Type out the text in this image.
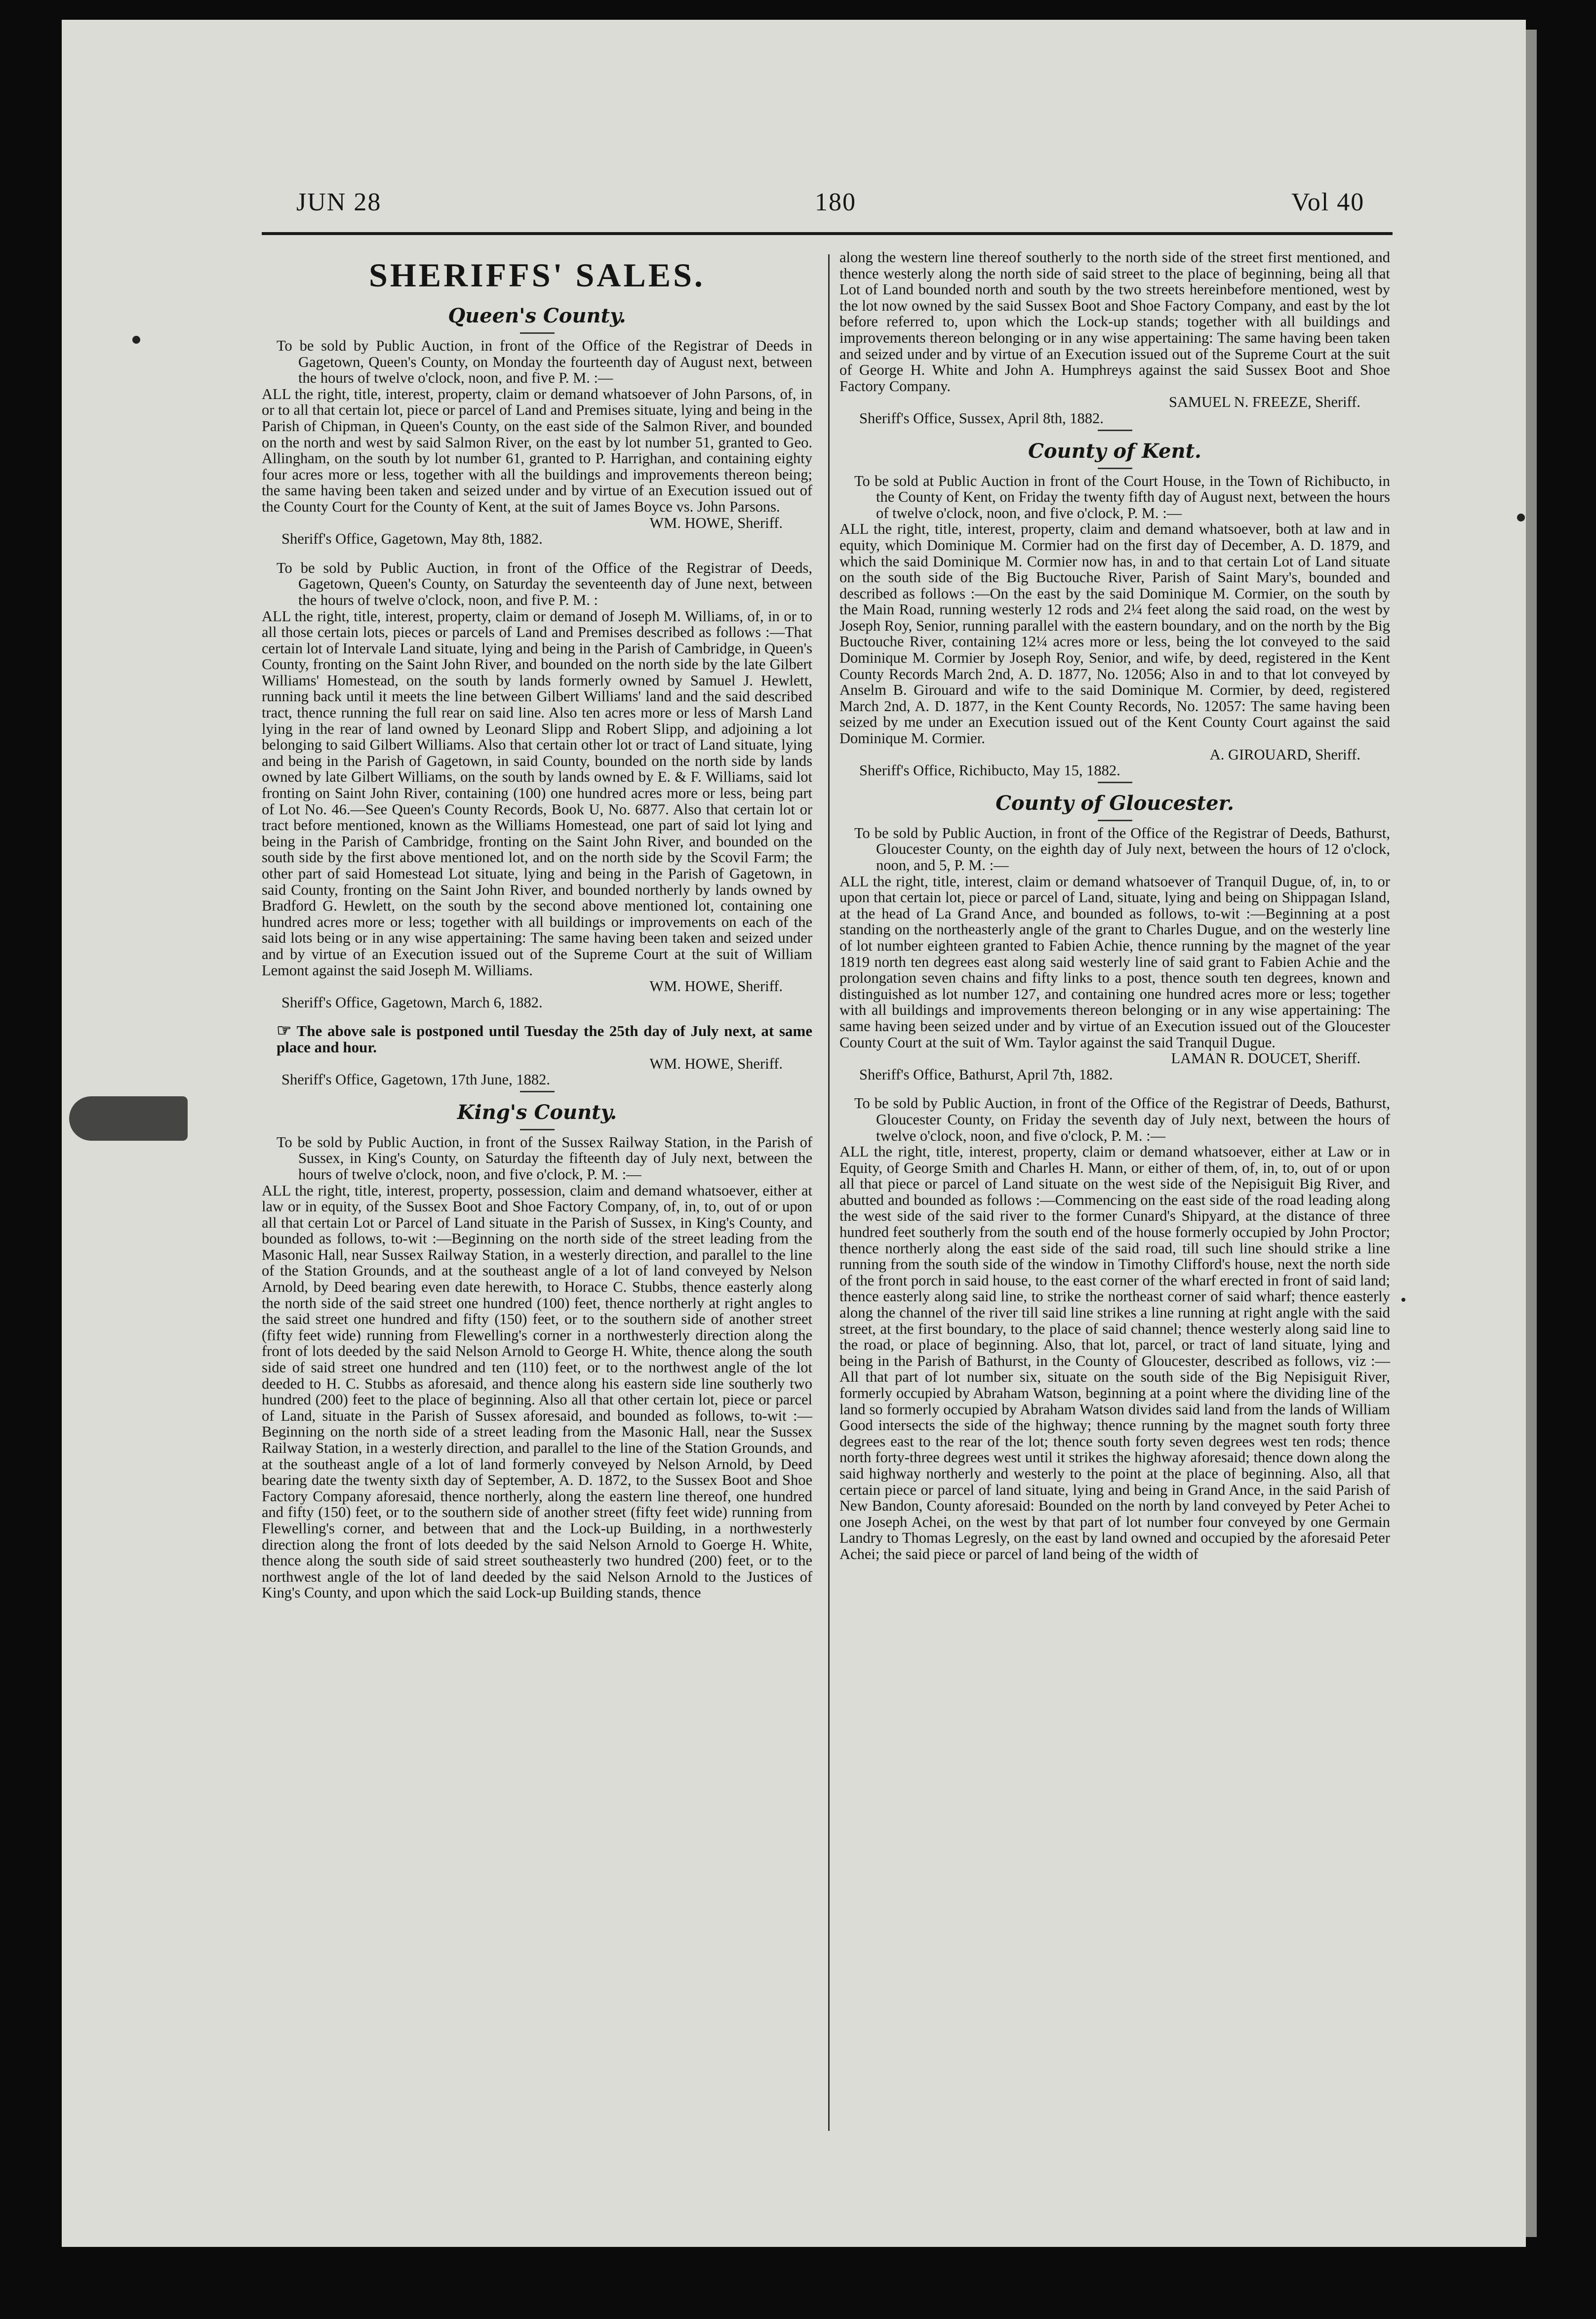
JUN 28	180	Vol 40

SHERIFFS' SALES.

Queen's County.

To be sold by Public Auction, in front of the Office of the Registrar of Deeds in Gagetown, Queen's County, on Monday the fourteenth day of August next, between the hours of twelve o'clock, noon, and five P. M. :—

ALL the right, title, interest, property, claim or demand whatsoever of John Parsons, of, in or to all that certain lot, piece or parcel of Land and Premises situate, lying and being in the Parish of Chipman, in Queen's County, on the east side of the Salmon River, and bounded on the north and west by said Salmon River, on the east by lot number 51, granted to Geo. Allingham, on the south by lot number 61, granted to P. Harrighan, and containing eighty four acres more or less, together with all the buildings and improvements thereon being; the same having been taken and seized under and by virtue of an Execution issued out of the County Court for the County of Kent, at the suit of James Boyce vs. John Parsons.

WM. HOWE, Sheriff.

Sheriff's Office, Gagetown, May 8th, 1882.

To be sold by Public Auction, in front of the Office of the Registrar of Deeds, Gagetown, Queen's County, on Saturday the seventeenth day of June next, between the hours of twelve o'clock, noon, and five P. M. :

ALL the right, title, interest, property, claim or demand of Joseph M. Williams, of, in or to all those certain lots, pieces or parcels of Land and Premises described as follows :—That certain lot of Intervale Land situate, lying and being in the Parish of Cambridge, in Queen's County, fronting on the Saint John River, and bounded on the north side by the late Gilbert Williams' Homestead, on the south by lands formerly owned by Samuel J. Hewlett, running back until it meets the line between Gilbert Williams' land and the said described tract, thence running the full rear on said line. Also ten acres more or less of Marsh Land lying in the rear of land owned by Leonard Slipp and Robert Slipp, and adjoining a lot belonging to said Gilbert Williams. Also that certain other lot or tract of Land situate, lying and being in the Parish of Gagetown, in said County, bounded on the north side by lands owned by late Gilbert Williams, on the south by lands owned by E. & F. Williams, said lot fronting on Saint John River, containing (100) one hundred acres more or less, being part of Lot No. 46.—See Queen's County Records, Book U, No. 6877. Also that certain lot or tract before mentioned, known as the Williams Homestead, one part of said lot lying and being in the Parish of Cambridge, fronting on the Saint John River, and bounded on the south side by the first above mentioned lot, and on the north side by the Scovil Farm; the other part of said Homestead Lot situate, lying and being in the Parish of Gagetown, in said County, fronting on the Saint John River, and bounded northerly by lands owned by Bradford G. Hewlett, on the south by the second above mentioned lot, containing one hundred acres more or less; together with all buildings or improvements on each of the said lots being or in any wise appertaining: The same having been taken and seized under and by virtue of an Execution issued out of the Supreme Court at the suit of William Lemont against the said Joseph M. Williams.

WM. HOWE, Sheriff.

Sheriff's Office, Gagetown, March 6, 1882.

☞ The above sale is postponed until Tuesday the 25th day of July next, at same place and hour.

WM. HOWE, Sheriff.

Sheriff's Office, Gagetown, 17th June, 1882.

King's County.

To be sold by Public Auction, in front of the Sussex Railway Station, in the Parish of Sussex, in King's County, on Saturday the fifteenth day of July next, between the hours of twelve o'clock, noon, and five o'clock, P. M. :—

ALL the right, title, interest, property, possession, claim and demand whatsoever, either at law or in equity, of the Sussex Boot and Shoe Factory Company, of, in, to, out of or upon all that certain Lot or Parcel of Land situate in the Parish of Sussex, in King's County, and bounded as follows, to-wit :—Beginning on the north side of the street leading from the Masonic Hall, near Sussex Railway Station, in a westerly direction, and parallel to the line of the Station Grounds, and at the southeast angle of a lot of land conveyed by Nelson Arnold, by Deed bearing even date herewith, to Horace C. Stubbs, thence easterly along the north side of the said street one hundred (100) feet, thence northerly at right angles to the said street one hundred and fifty (150) feet, or to the southern side of another street (fifty feet wide) running from Flewelling's corner in a northwesterly direction along the front of lots deeded by the said Nelson Arnold to George H. White, thence along the south side of said street one hundred and ten (110) feet, or to the northwest angle of the lot deeded to H. C. Stubbs as aforesaid, and thence along his eastern side line southerly two hundred (200) feet to the place of beginning. Also all that other certain lot, piece or parcel of Land, situate in the Parish of Sussex aforesaid, and bounded as follows, to-wit :—Beginning on the north side of a street leading from the Masonic Hall, near the Sussex Railway Station, in a westerly direction, and parallel to the line of the Station Grounds, and at the southeast angle of a lot of land formerly conveyed by Nelson Arnold, by Deed bearing date the twenty sixth day of September, A. D. 1872, to the Sussex Boot and Shoe Factory Company aforesaid, thence northerly, along the eastern line thereof, one hundred and fifty (150) feet, or to the southern side of another street (fifty feet wide) running from Flewelling's corner, and between that and the Lock-up Building, in a northwesterly direction along the front of lots deeded by the said Nelson Arnold to Goerge H. White, thence along the south side of said street southeasterly two hundred (200) feet, or to the northwest angle of the lot of land deeded by the said Nelson Arnold to the Justices of King's County, and upon which the said Lock-up Building stands, thence

along the western line thereof southerly to the north side of the street first mentioned, and thence westerly along the north side of said street to the place of beginning, being all that Lot of Land bounded north and south by the two streets hereinbefore mentioned, west by the lot now owned by the said Sussex Boot and Shoe Factory Company, and east by the lot before referred to, upon which the Lock-up stands; together with all buildings and improvements thereon belonging or in any wise appertaining: The same having been taken and seized under and by virtue of an Execution issued out of the Supreme Court at the suit of George H. White and John A. Humphreys against the said Sussex Boot and Shoe Factory Company.

SAMUEL N. FREEZE, Sheriff.

Sheriff's Office, Sussex, April 8th, 1882.

County of Kent.

To be sold at Public Auction in front of the Court House, in the Town of Richibucto, in the County of Kent, on Friday the twenty fifth day of August next, between the hours of twelve o'clock, noon, and five o'clock, P. M. :—

ALL the right, title, interest, property, claim and demand whatsoever, both at law and in equity, which Dominique M. Cormier had on the first day of December, A. D. 1879, and which the said Dominique M. Cormier now has, in and to that certain Lot of Land situate on the south side of the Big Buctouche River, Parish of Saint Mary's, bounded and described as follows :—On the east by the said Dominique M. Cormier, on the south by the Main Road, running westerly 12 rods and 2¼ feet along the said road, on the west by Joseph Roy, Senior, running parallel with the eastern boundary, and on the north by the Big Buctouche River, containing 12¼ acres more or less, being the lot conveyed to the said Dominique M. Cormier by Joseph Roy, Senior, and wife, by deed, registered in the Kent County Records March 2nd, A. D. 1877, No. 12056; Also in and to that lot conveyed by Anselm B. Girouard and wife to the said Dominique M. Cormier, by deed, registered March 2nd, A. D. 1877, in the Kent County Records, No. 12057: The same having been seized by me under an Execution issued out of the Kent County Court against the said Dominique M. Cormier.

A. GIROUARD, Sheriff.

Sheriff's Office, Richibucto, May 15, 1882.

County of Gloucester.

To be sold by Public Auction, in front of the Office of the Registrar of Deeds, Bathurst, Gloucester County, on the eighth day of July next, between the hours of 12 o'clock, noon, and 5, P. M. :—

ALL the right, title, interest, claim or demand whatsoever of Tranquil Dugue, of, in, to or upon that certain lot, piece or parcel of Land, situate, lying and being on Shippagan Island, at the head of La Grand Ance, and bounded as follows, to-wit :—Beginning at a post standing on the northeasterly angle of the grant to Charles Dugue, and on the westerly line of lot number eighteen granted to Fabien Achie, thence running by the magnet of the year 1819 north ten degrees east along said westerly line of said grant to Fabien Achie and the prolongation seven chains and fifty links to a post, thence south ten degrees, known and distinguished as lot number 127, and containing one hundred acres more or less; together with all buildings and improvements thereon belonging or in any wise appertaining: The same having been seized under and by virtue of an Execution issued out of the Gloucester County Court at the suit of Wm. Taylor against the said Tranquil Dugue.

LAMAN R. DOUCET, Sheriff.

Sheriff's Office, Bathurst, April 7th, 1882.

To be sold by Public Auction, in front of the Office of the Registrar of Deeds, Bathurst, Gloucester County, on Friday the seventh day of July next, between the hours of twelve o'clock, noon, and five o'clock, P. M. :—

ALL the right, title, interest, property, claim or demand whatsoever, either at Law or in Equity, of George Smith and Charles H. Mann, or either of them, of, in, to, out of or upon all that piece or parcel of Land situate on the west side of the Nepisiguit Big River, and abutted and bounded as follows :—Commencing on the east side of the road leading along the west side of the said river to the former Cunard's Shipyard, at the distance of three hundred feet southerly from the south end of the house formerly occupied by John Proctor; thence northerly along the east side of the said road, till such line should strike a line running from the south side of the window in Timothy Clifford's house, next the north side of the front porch in said house, to the east corner of the wharf erected in front of said land; thence easterly along said line, to strike the northeast corner of said wharf; thence easterly along the channel of the river till said line strikes a line running at right angle with the said street, at the first boundary, to the place of said channel; thence westerly along said line to the road, or place of beginning. Also, that lot, parcel, or tract of land situate, lying and being in the Parish of Bathurst, in the County of Gloucester, described as follows, viz :—All that part of lot number six, situate on the south side of the Big Nepisiguit River, formerly occupied by Abraham Watson, beginning at a point where the dividing line of the land so formerly occupied by Abraham Watson divides said land from the lands of William Good intersects the side of the highway; thence running by the magnet south forty three degrees east to the rear of the lot; thence south forty seven degrees west ten rods; thence north forty-three degrees west until it strikes the highway aforesaid; thence down along the said highway northerly and westerly to the point at the place of beginning. Also, all that certain piece or parcel of land situate, lying and being in Grand Ance, in the said Parish of New Bandon, County aforesaid: Bounded on the north by land conveyed by Peter Achei to one Joseph Achei, on the west by that part of lot number four conveyed by one Germain Landry to Thomas Legresly, on the east by land owned and occupied by the aforesaid Peter Achei; the said piece or parcel of land being of the width of
